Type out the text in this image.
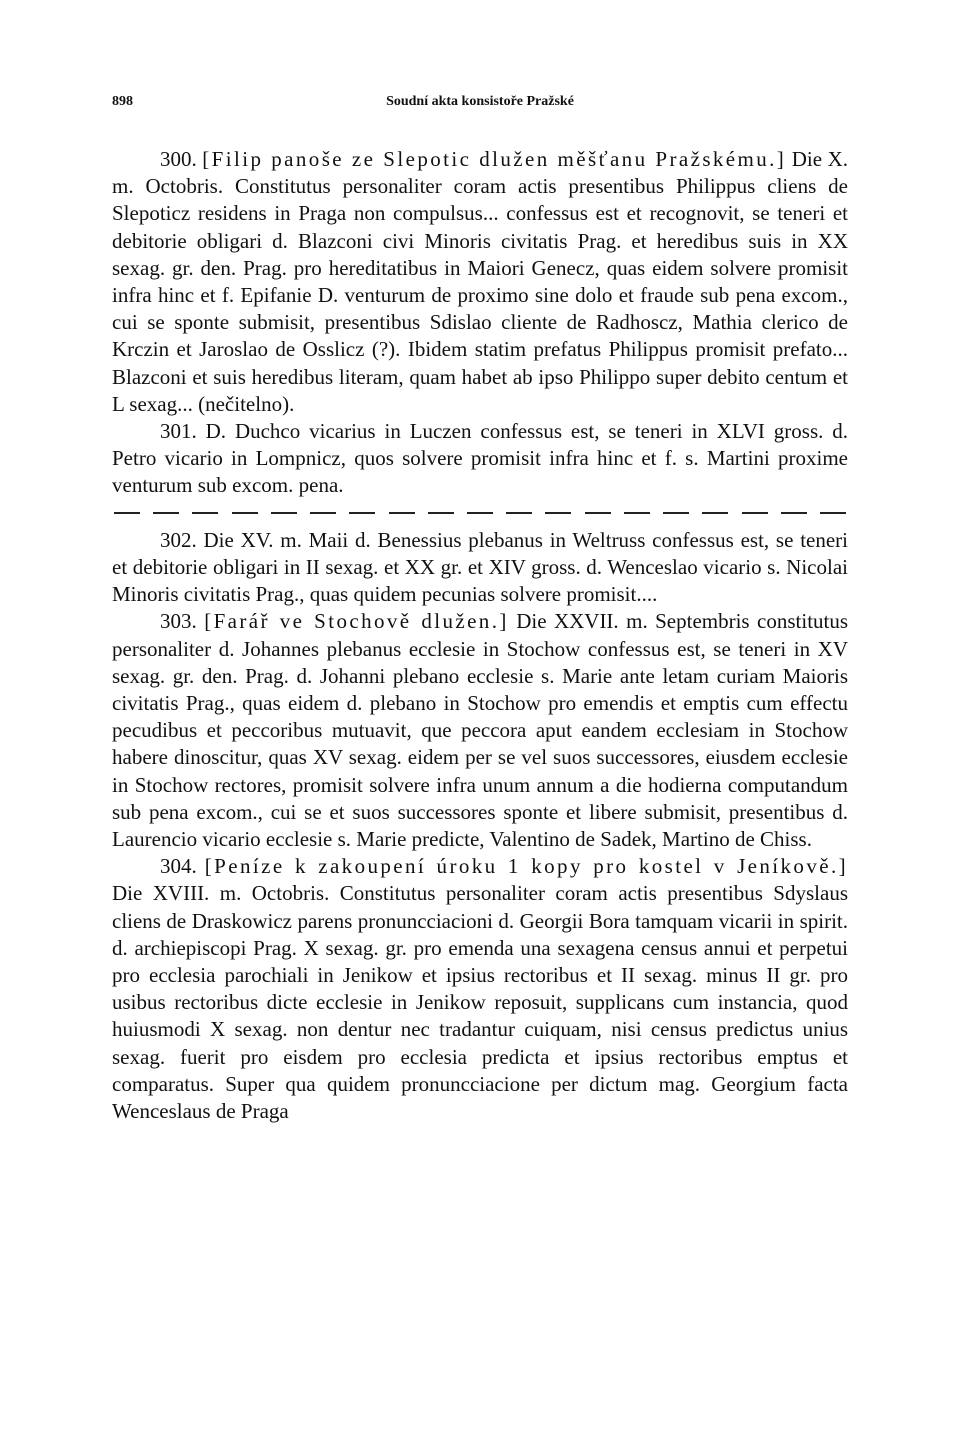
898	Soudní akta konsistoře Pražské

300. [Filip panoše ze Slepotic dlužen měšťanu Pražskému.] Die X. m. Octobris. Constitutus personaliter coram actis presentibus Philippus cliens de Slepoticz residens in Praga non compulsus... confessus est et recognovit, se teneri et debitorie obligari d. Blazconi civi Minoris civitatis Prag. et heredibus suis in XX sexag. gr. den. Prag. pro hereditatibus in Maiori Genecz, quas eidem solvere promisit infra hinc et f. Epifanie D. venturum de proximo sine dolo et fraude sub pena excom., cui se sponte submisit, presentibus Sdislao cliente de Radhoscz, Mathia clerico de Krczin et Jaroslao de Osslicz (?). Ibidem statim prefatus Philippus promisit prefato... Blazconi et suis heredibus literam, quam habet ab ipso Philippo super debito centum et L sexag... (nečitelno).

301. D. Duchco vicarius in Luczen confessus est, se teneri in XLVI gross. d. Petro vicario in Lompnicz, quos solvere promisit infra hinc et f. s. Martini proxime venturum sub excom. pena.

302. Die XV. m. Maii d. Benessius plebanus in Weltruss confessus est, se teneri et debitorie obligari in II sexag. et XX gr. et XIV gross. d. Wenceslao vicario s. Nicolai Minoris civitatis Prag., quas quidem pecunias solvere promisit....

303. [Farář ve Stochově dlužen.] Die XXVII. m. Septembris constitutus personaliter d. Johannes plebanus ecclesie in Stochow confessus est, se teneri in XV sexag. gr. den. Prag. d. Johanni plebano ecclesie s. Marie ante letam curiam Maioris civitatis Prag., quas eidem d. plebano in Stochow pro emendis et emptis cum effectu pecudibus et peccoribus mutuavit, que peccora aput eandem ecclesiam in Stochow habere dinoscitur, quas XV sexag. eidem per se vel suos successores, eiusdem ecclesie in Stochow rectores, promisit solvere infra unum annum a die hodierna computandum sub pena excom., cui se et suos successores sponte et libere submisit, presentibus d. Laurencio vicario ecclesie s. Marie predicte, Valentino de Sadek, Martino de Chiss.

304. [Peníze k zakoupení úroku 1 kopy pro kostel v Jeníkově.] Die XVIII. m. Octobris. Constitutus personaliter coram actis presentibus Sdyslaus cliens de Draskowicz parens pronuncciacioni d. Georgii Bora tamquam vicarii in spirit. d. archiepiscopi Prag. X sexag. gr. pro emenda una sexagena census annui et perpetui pro ecclesia parochiali in Jenikow et ipsius rectoribus et II sexag. minus II gr. pro usibus rectoribus dicte ecclesie in Jenikow reposuit, supplicans cum instancia, quod huiusmodi X sexag. non dentur nec tradantur cuiquam, nisi census predictus unius sexag. fuerit pro eisdem pro ecclesia predicta et ipsius rectoribus emptus et comparatus. Super qua quidem pronuncciacione per dictum mag. Georgium facta Wenceslaus de Praga
